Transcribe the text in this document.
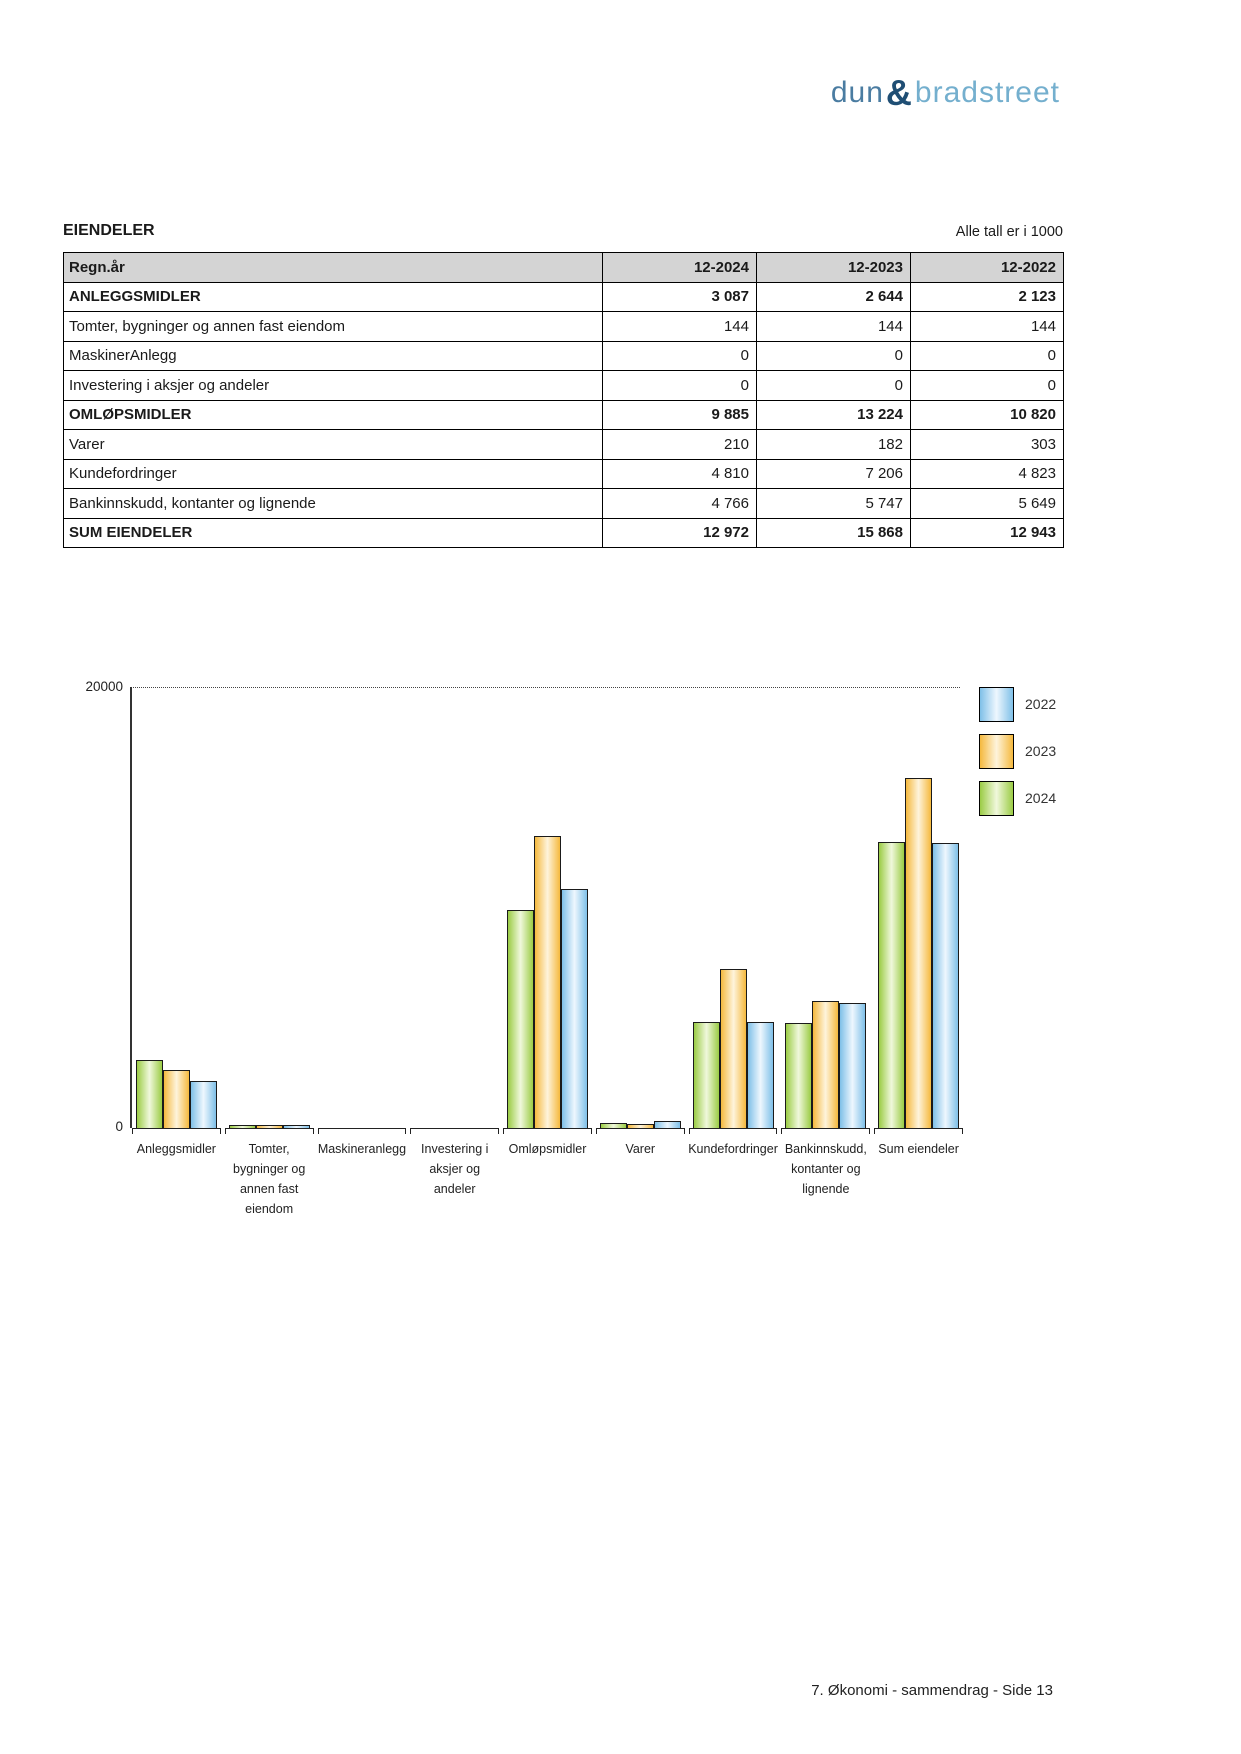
dun&bradstreet
EIENDELER	Alle tall er i 1000
Regn.år	12-2024	12-2023	12-2022
ANLEGGSMIDLER	3 087	2 644	2 123
Tomter, bygninger og annen fast eiendom	144	144	144
MaskinerAnlegg	0	0	0
Investering i aksjer og andeler	0	0	0
OMLØPSMIDLER	9 885	13 224	10 820
Varer	210	182	303
Kundefordringer	4 810	7 206	4 823
Bankinnskudd, kontanter og lignende	4 766	5 747	5 649
SUM EIENDELER	12 972	15 868	12 943
20000
0
Anleggsmidler	Tomter,
bygninger og
annen fast
eiendom
Maskineranlegg	Investering i
aksjer og
andeler
Omløpsmidler	Varer	Kundefordringer Bankinnskudd,
kontanter og
lignende
Sum eiendeler
2022
2023
2024
7. Økonomi - sammendrag - Side 13
